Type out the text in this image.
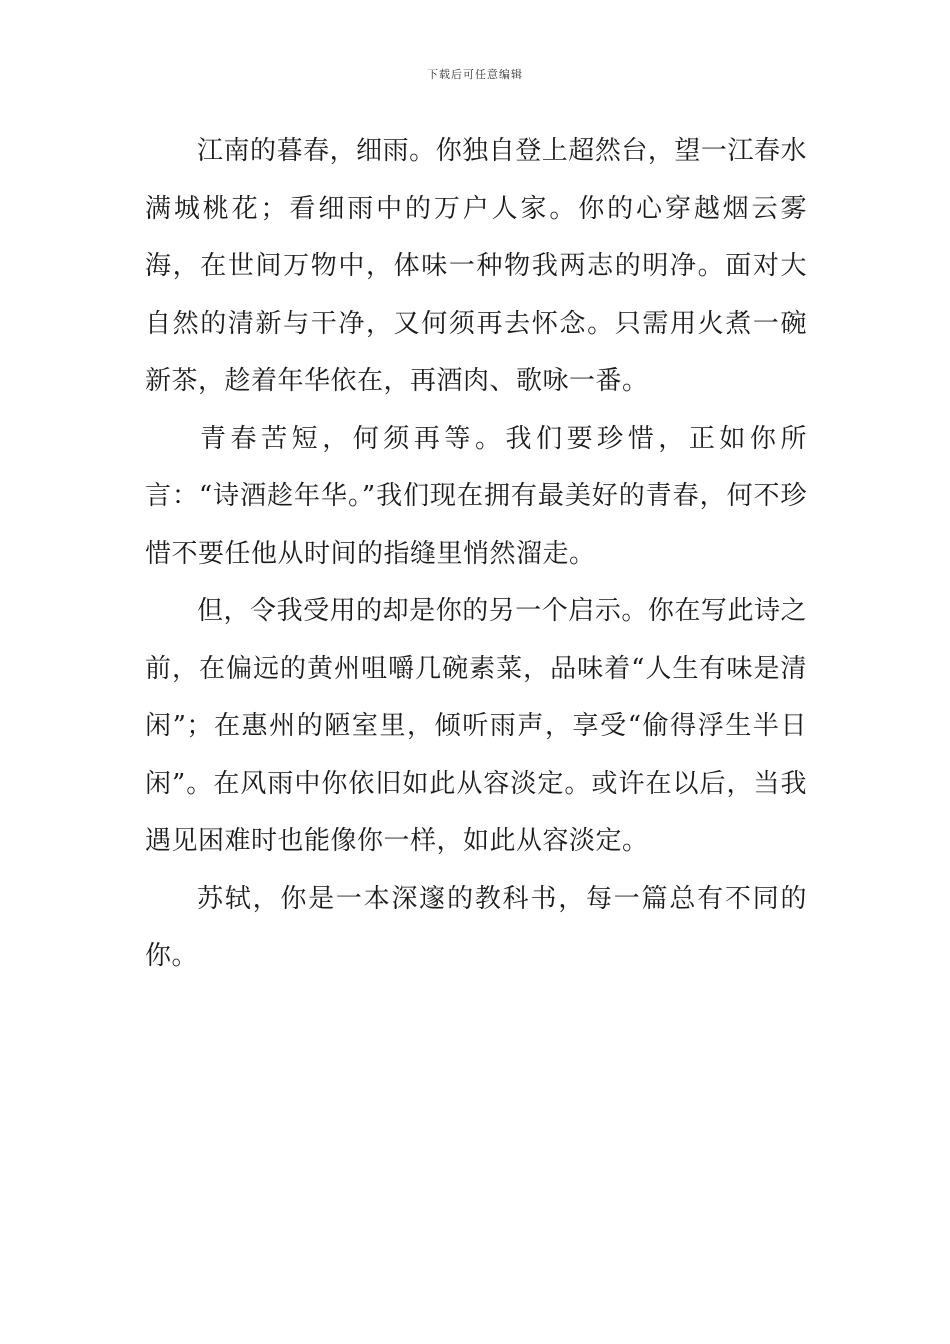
下载后可任意编辑

江南的暮春，细雨。你独自登上超然台，望一江春水满城桃花；看细雨中的万户人家。你的心穿越烟云雾海，在世间万物中，体味一种物我两志的明净。面对大自然的清新与干净，又何须再去怀念。只需用火煮一碗新茶，趁着年华依在，再酒肉、歌咏一番。

青春苦短，何须再等。我们要珍惜，正如你所言：“诗酒趁年华。”我们现在拥有最美好的青春，何不珍惜不要任他从时间的指缝里悄然溜走。

但，令我受用的却是你的另一个启示。你在写此诗之前，在偏远的黄州咀嚼几碗素菜，品味着“人生有味是清闲”；在惠州的陋室里，倾听雨声，享受“偷得浮生半日闲”。在风雨中你依旧如此从容淡定。或许在以后，当我遇见困难时也能像你一样，如此从容淡定。

苏轼，你是一本深邃的教科书，每一篇总有不同的你。
